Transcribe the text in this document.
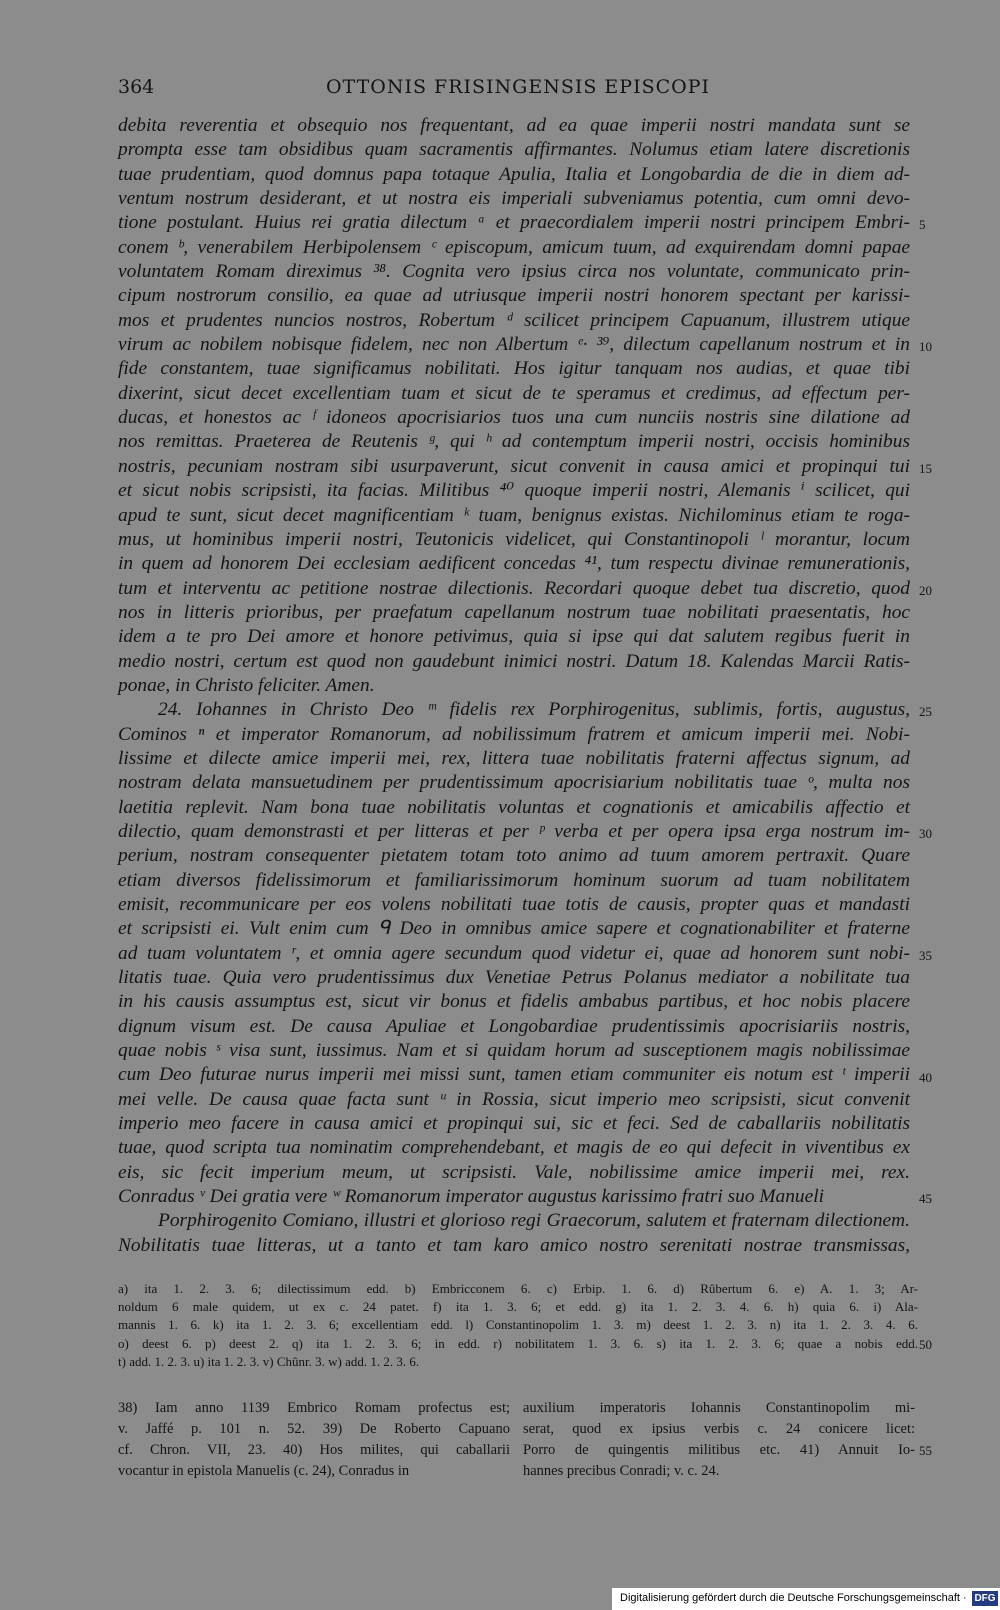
364	OTTONIS FRISINGENSIS EPISCOPI
debita reverentia et obsequio nos frequentant, ad ea quae imperii nostri mandata sunt se
prompta esse tam obsidibus quam sacramentis affirmantes. Nolumus etiam latere discretionis
tuae prudentiam, quod domnus papa totaque Apulia, Italia et Longobardia de die in diem ad-
ventum nostrum desiderant, et ut nostra eis imperiali subveniamus potentia, cum omni devo-
tione postulant. Huius rei gratia dilectum ᵃ et praecordialem imperii nostri principem Embri-
conem ᵇ, venerabilem Herbipolensem ᶜ episcopum, amicum tuum, ad exquirendam domni papae
voluntatem Romam direximus ³⁸. Cognita vero ipsius circa nos voluntate, communicato prin-
cipum nostrorum consilio, ea quae ad utriusque imperii nostri honorem spectant per karissi-
mos et prudentes nuncios nostros, Robertum ᵈ scilicet principem Capuanum, illustrem utique
virum ac nobilem nobisque fidelem, nec non Albertum ᵉ· ³⁹, dilectum capellanum nostrum et in
fide constantem, tuae significamus nobilitati. Hos igitur tanquam nos audias, et quae tibi
dixerint, sicut decet excellentiam tuam et sicut de te speramus et credimus, ad effectum per-
ducas, et honestos ac ᶠ idoneos apocrisiarios tuos una cum nunciis nostris sine dilatione ad
nos remittas. Praeterea de Reutenis ᵍ, qui ʰ ad contemptum imperii nostri, occisis hominibus
nostris, pecuniam nostram sibi usurpaverunt, sicut convenit in causa amici et propinqui tui
et sicut nobis scripsisti, ita facias. Militibus ⁴⁰ quoque imperii nostri, Alemanis ⁱ scilicet, qui
apud te sunt, sicut decet magnificentiam ᵏ tuam, benignus existas. Nichilominus etiam te roga-
mus, ut hominibus imperii nostri, Teutonicis videlicet, qui Constantinopoli ˡ morantur, locum
in quem ad honorem Dei ecclesiam aedificent concedas ⁴¹, tum respectu divinae remunerationis,
tum et interventu ac petitione nostrae dilectionis. Recordari quoque debet tua discretio, quod
nos in litteris prioribus, per praefatum capellanum nostrum tuae nobilitati praesentatis, hoc
idem a te pro Dei amore et honore petivimus, quia si ipse qui dat salutem regibus fuerit in
medio nostri, certum est quod non gaudebunt inimici nostri. Datum 18. Kalendas Marcii Ratis-
ponae, in Christo feliciter. Amen.
24. Iohannes in Christo Deo ᵐ fidelis rex Porphirogenitus, sublimis, fortis, augustus,
Cominos ⁿ et imperator Romanorum, ad nobilissimum fratrem et amicum imperii mei. Nobi-
lissime et dilecte amice imperii mei, rex, littera tuae nobilitatis fraterni affectus signum, ad
nostram delata mansuetudinem per prudentissimum apocrisiarium nobilitatis tuae ᵒ, multa nos
laetitia replevit. Nam bona tuae nobilitatis voluntas et cognationis et amicabilis affectio et
dilectio, quam demonstrasti et per litteras et per ᵖ verba et per opera ipsa erga nostrum im-
perium, nostram consequenter pietatem totam toto animo ad tuum amorem pertraxit. Quare
etiam diversos fidelissimorum et familiarissimorum hominum suorum ad tuam nobilitatem
emisit, recommunicare per eos volens nobilitati tuae totis de causis, propter quas et mandasti
et scripsisti ei. Vult enim cum ᑫ Deo in omnibus amice sapere et cognationabiliter et fraterne
ad tuam voluntatem ʳ, et omnia agere secundum quod videtur ei, quae ad honorem sunt nobi-
litatis tuae. Quia vero prudentissimus dux Venetiae Petrus Polanus mediator a nobilitate tua
in his causis assumptus est, sicut vir bonus et fidelis ambabus partibus, et hoc nobis placere
dignum visum est. De causa Apuliae et Longobardiae prudentissimis apocrisiariis nostris,
quae nobis ˢ visa sunt, iussimus. Nam et si quidam horum ad susceptionem magis nobilissimae
cum Deo futurae nurus imperii mei missi sunt, tamen etiam communiter eis notum est ᵗ imperii
mei velle. De causa quae facta sunt ᵘ in Rossia, sicut imperio meo scripsisti, sicut convenit
imperio meo facere in causa amici et propinqui sui, sic et feci. Sed de caballariis nobilitatis
tuae, quod scripta tua nominatim comprehendebant, et magis de eo qui defecit in viventibus ex
eis, sic fecit imperium meum, ut scripsisti. Vale, nobilissime amice imperii mei, rex.
Conradus ᵛ Dei gratia vere ʷ Romanorum imperator augustus karissimo fratri suo Manueli
Porphirogenito Comiano, illustri et glorioso regi Graecorum, salutem et fraternam dilectionem.
Nobilitatis tuae litteras, ut a tanto et tam karo amico nostro serenitati nostrae transmissas,
5
10
15
20
25
30
35
40
45
a) ita 1. 2. 3. 6; dilectissimum edd. b) Embricconem 6. c) Erbip. 1. 6. d) Rûbertum 6. e) A. 1. 3; Ar-
noldum 6 male quidem, ut ex c. 24 patet. f) ita 1. 3. 6; et edd. g) ita 1. 2. 3. 4. 6. h) quia 6. i) Ala-
mannis 1. 6. k) ita 1. 2. 3. 6; excellentiam edd. l) Constantinopolim 1. 3. m) deest 1. 2. 3. n) ita 1. 2. 3. 4. 6.
o) deest 6. p) deest 2. q) ita 1. 2. 3. 6; in edd. r) nobilitatem 1. 3. 6. s) ita 1. 2. 3. 6; quae a nobis edd.
t) add. 1. 2. 3. u) ita 1. 2. 3. v) Chûnr. 3. w) add. 1. 2. 3. 6.
50
38) Iam anno 1139 Embrico Romam profectus est;
v. Jaffé p. 101 n. 52. 39) De Roberto Capuano
cf. Chron. VII, 23. 40) Hos milites, qui caballarii
vocantur in epistola Manuelis (c. 24), Conradus in
auxilium imperatoris Iohannis Constantinopolim mi-
serat, quod ex ipsius verbis c. 24 conicere licet:
Porro de quingentis militibus etc. 41) Annuit Io-
hannes precibus Conradi; v. c. 24.
55
Digitalisierung gefördert durch die Deutsche Forschungsgemeinschaft · DFG
